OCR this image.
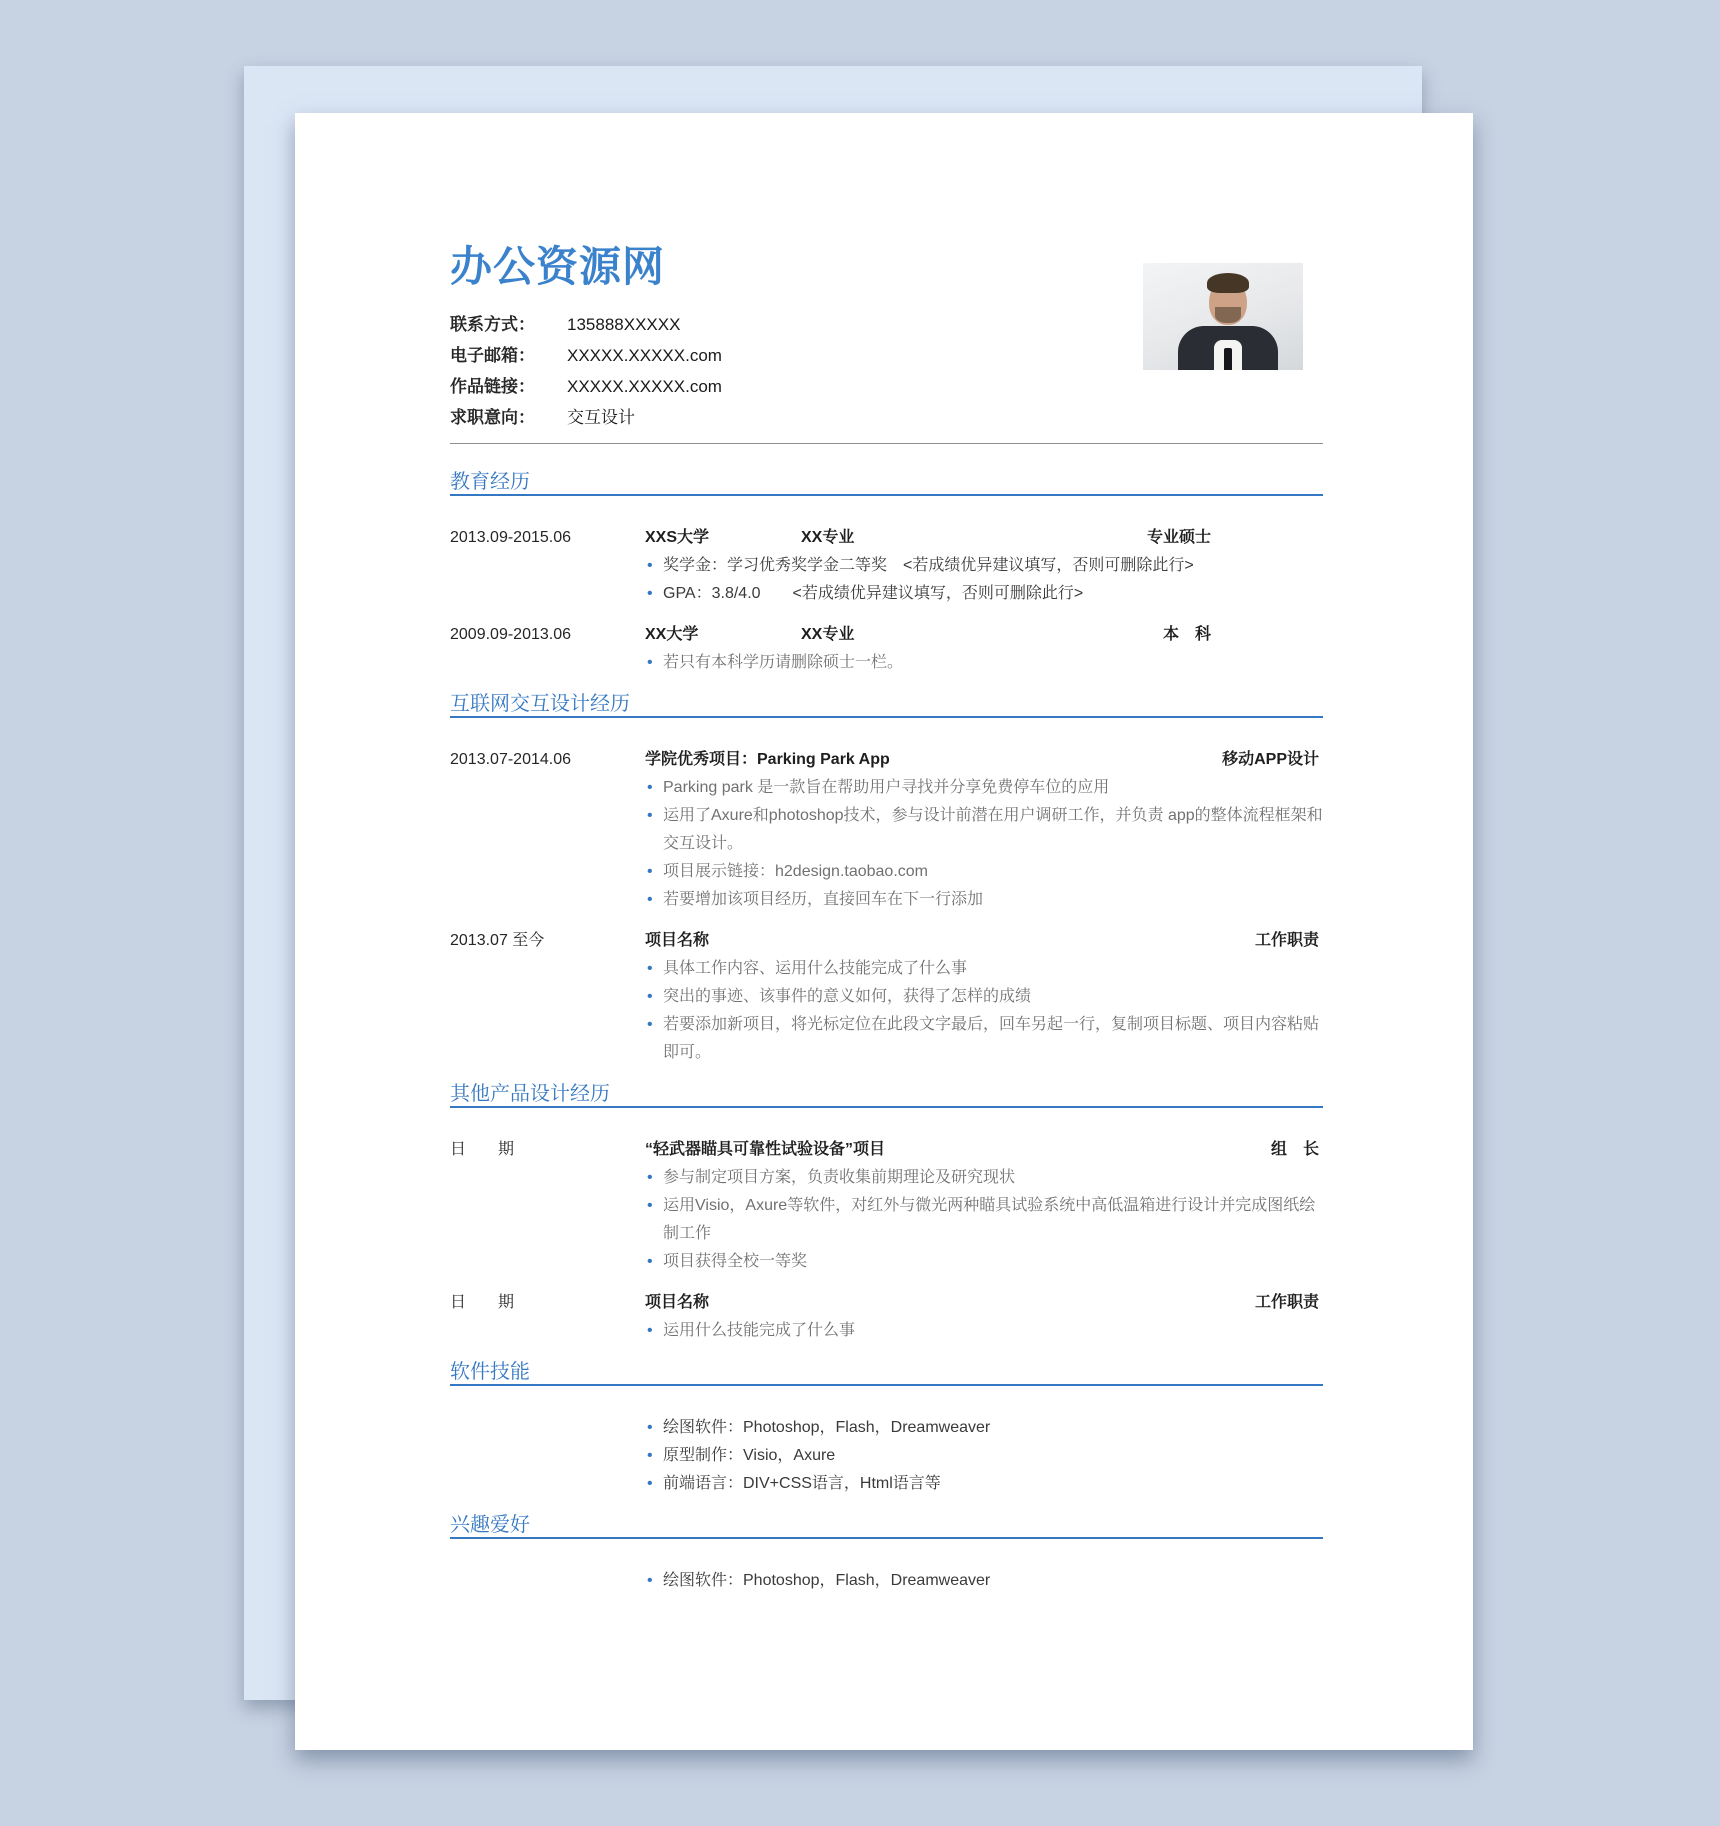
办公资源网
联系方式：	135888XXXXX
电子邮箱：	XXXXX.XXXXX.com
作品链接：	XXXXX.XXXXX.com
求职意向：	交互设计
教育经历
2013.09-2015.06	XXS大学	XX专业	专业硕士
• 奖学金：学习优秀奖学金二等奖　<若成绩优异建议填写，否则可删除此行>
• GPA：3.8/4.0　　<若成绩优异建议填写，否则可删除此行>
2009.09-2013.06	XX大学	XX专业	本　科
• 若只有本科学历请删除硕士一栏。
互联网交互设计经历
2013.07-2014.06	学院优秀项目：Parking Park App	移动APP设计
• Parking park 是一款旨在帮助用户寻找并分享免费停车位的应用
• 运用了Axure和photoshop技术，参与设计前潜在用户调研工作，并负责 app的整体流程框架和交互设计。
• 项目展示链接：h2design.taobao.com
• 若要增加该项目经历，直接回车在下一行添加
2013.07 至今	项目名称	工作职责
• 具体工作内容、运用什么技能完成了什么事
• 突出的事迹、该事件的意义如何，获得了怎样的成绩
• 若要添加新项目，将光标定位在此段文字最后，回车另起一行，复制项目标题、项目内容粘贴即可。
其他产品设计经历
日　　期	“轻武器瞄具可靠性试验设备”项目	组　长
• 参与制定项目方案，负责收集前期理论及研究现状
• 运用Visio，Axure等软件，对红外与微光两种瞄具试验系统中高低温箱进行设计并完成图纸绘制工作
• 项目获得全校一等奖
日　　期	项目名称	工作职责
• 运用什么技能完成了什么事
软件技能
• 绘图软件：Photoshop，Flash，Dreamweaver
• 原型制作：Visio，Axure
• 前端语言：DIV+CSS语言，Html语言等
兴趣爱好
• 绘图软件：Photoshop，Flash，Dreamweaver
